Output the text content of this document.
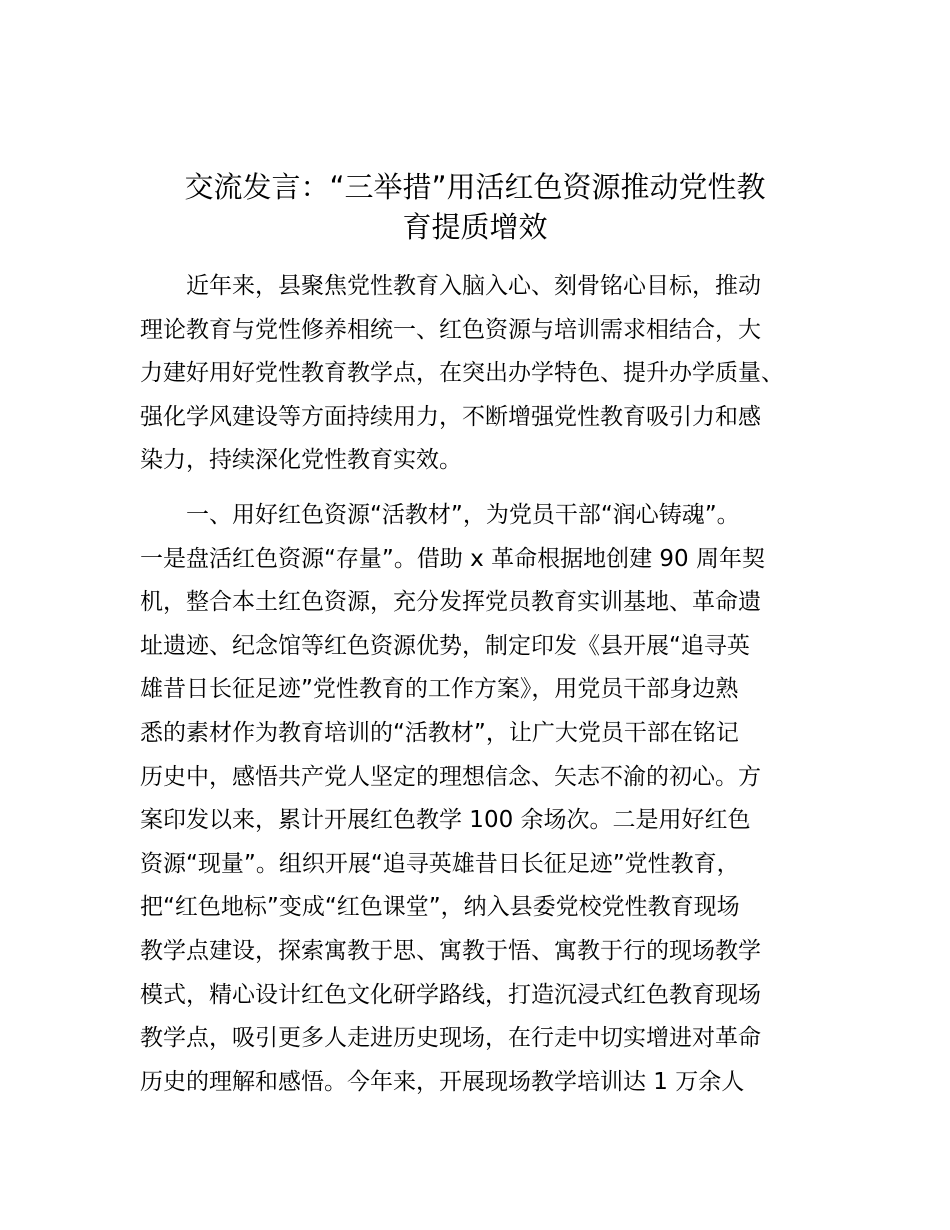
交流发言：“三举措”用活红色资源推动党性教
育提质增效
　　近年来，县聚焦党性教育入脑入心、刻骨铭心目标，推动
理论教育与党性修养相统一、红色资源与培训需求相结合，大
力建好用好党性教育教学点，在突出办学特色、提升办学质量、
强化学风建设等方面持续用力，不断增强党性教育吸引力和感
染力，持续深化党性教育实效。
　　一、用好红色资源“活教材”，为党员干部“润心铸魂”。
一是盘活红色资源“存量”。借助 x 革命根据地创建 90 周年契
机，整合本土红色资源，充分发挥党员教育实训基地、革命遗
址遗迹、纪念馆等红色资源优势，制定印发《县开展“追寻英
雄昔日长征足迹”党性教育的工作方案》，用党员干部身边熟
悉的素材作为教育培训的“活教材”，让广大党员干部在铭记
历史中，感悟共产党人坚定的理想信念、矢志不渝的初心。方
案印发以来，累计开展红色教学 100 余场次。二是用好红色
资源“现量”。组织开展“追寻英雄昔日长征足迹”党性教育，
把“红色地标”变成“红色课堂”，纳入县委党校党性教育现场
教学点建设，探索寓教于思、寓教于悟、寓教于行的现场教学
模式，精心设计红色文化研学路线，打造沉浸式红色教育现场
教学点，吸引更多人走进历史现场，在行走中切实增进对革命
历史的理解和感悟。今年来，开展现场教学培训达 1 万余人
